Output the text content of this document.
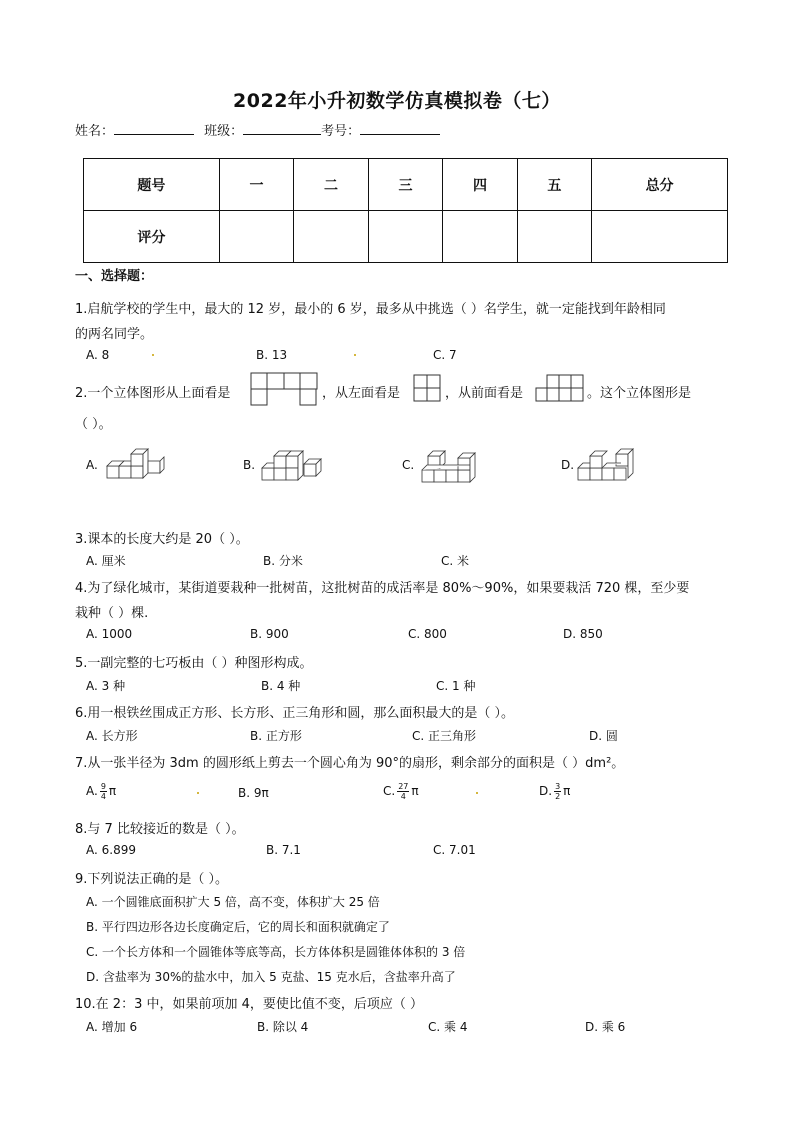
2022年小升初数学仿真模拟卷（七）
姓名：	班级：	考号：
题号	一	二	三	四	五	总分
评分						
一、选择题：
1.启航学校的学生中，最大的 12 岁，最小的 6 岁，最多从中挑选（ ）名学生，就一定能找到年龄相同
的两名同学。
A. 8	B. 13	C. 7
2.一个立体图形从上面看是	，从左面看是	，从前面看是	。这个立体图形是
（ ）。
A.	B.	C.	D.
3.课本的长度大约是 20（ ）。
A. 厘米	B. 分米	C. 米
4.为了绿化城市，某街道要栽种一批树苗，这批树苗的成活率是 80%～90%，如果要栽活 720 棵，至少要
栽种（ ）棵.
A. 1000	B. 900	C. 800	D. 850
5.一副完整的七巧板由（ ）种图形构成。
A. 3 种	B. 4 种	C. 1 种
6.用一根铁丝围成正方形、长方形、正三角形和圆，那么面积最大的是（ ）。
A. 长方形	B. 正方形	C. 正三角形	D. 圆
7.从一张半径为 3dm 的圆形纸上剪去一个圆心角为 90°的扇形，剩余部分的面积是（ ）dm²。
A. $\frac{9}{4}$ π	B. 9π	C. $\frac{27}{4}$ π	D. $\frac{3}{2}$ π
8.与 7 比较接近的数是（ ）。
A. 6.899	B. 7.1	C. 7.01
9.下列说法正确的是（ ）。
A. 一个圆锥底面积扩大 5 倍，高不变，体积扩大 25 倍
B. 平行四边形各边长度确定后，它的周长和面积就确定了
C. 一个长方体和一个圆锥体等底等高，长方体体积是圆锥体体积的 3 倍
D. 含盐率为 30%的盐水中，加入 5 克盐、15 克水后，含盐率升高了
10.在 2：3 中，如果前项加 4，要使比值不变，后项应（ ）
A. 增加 6	B. 除以 4	C. 乘 4	D. 乘 6
